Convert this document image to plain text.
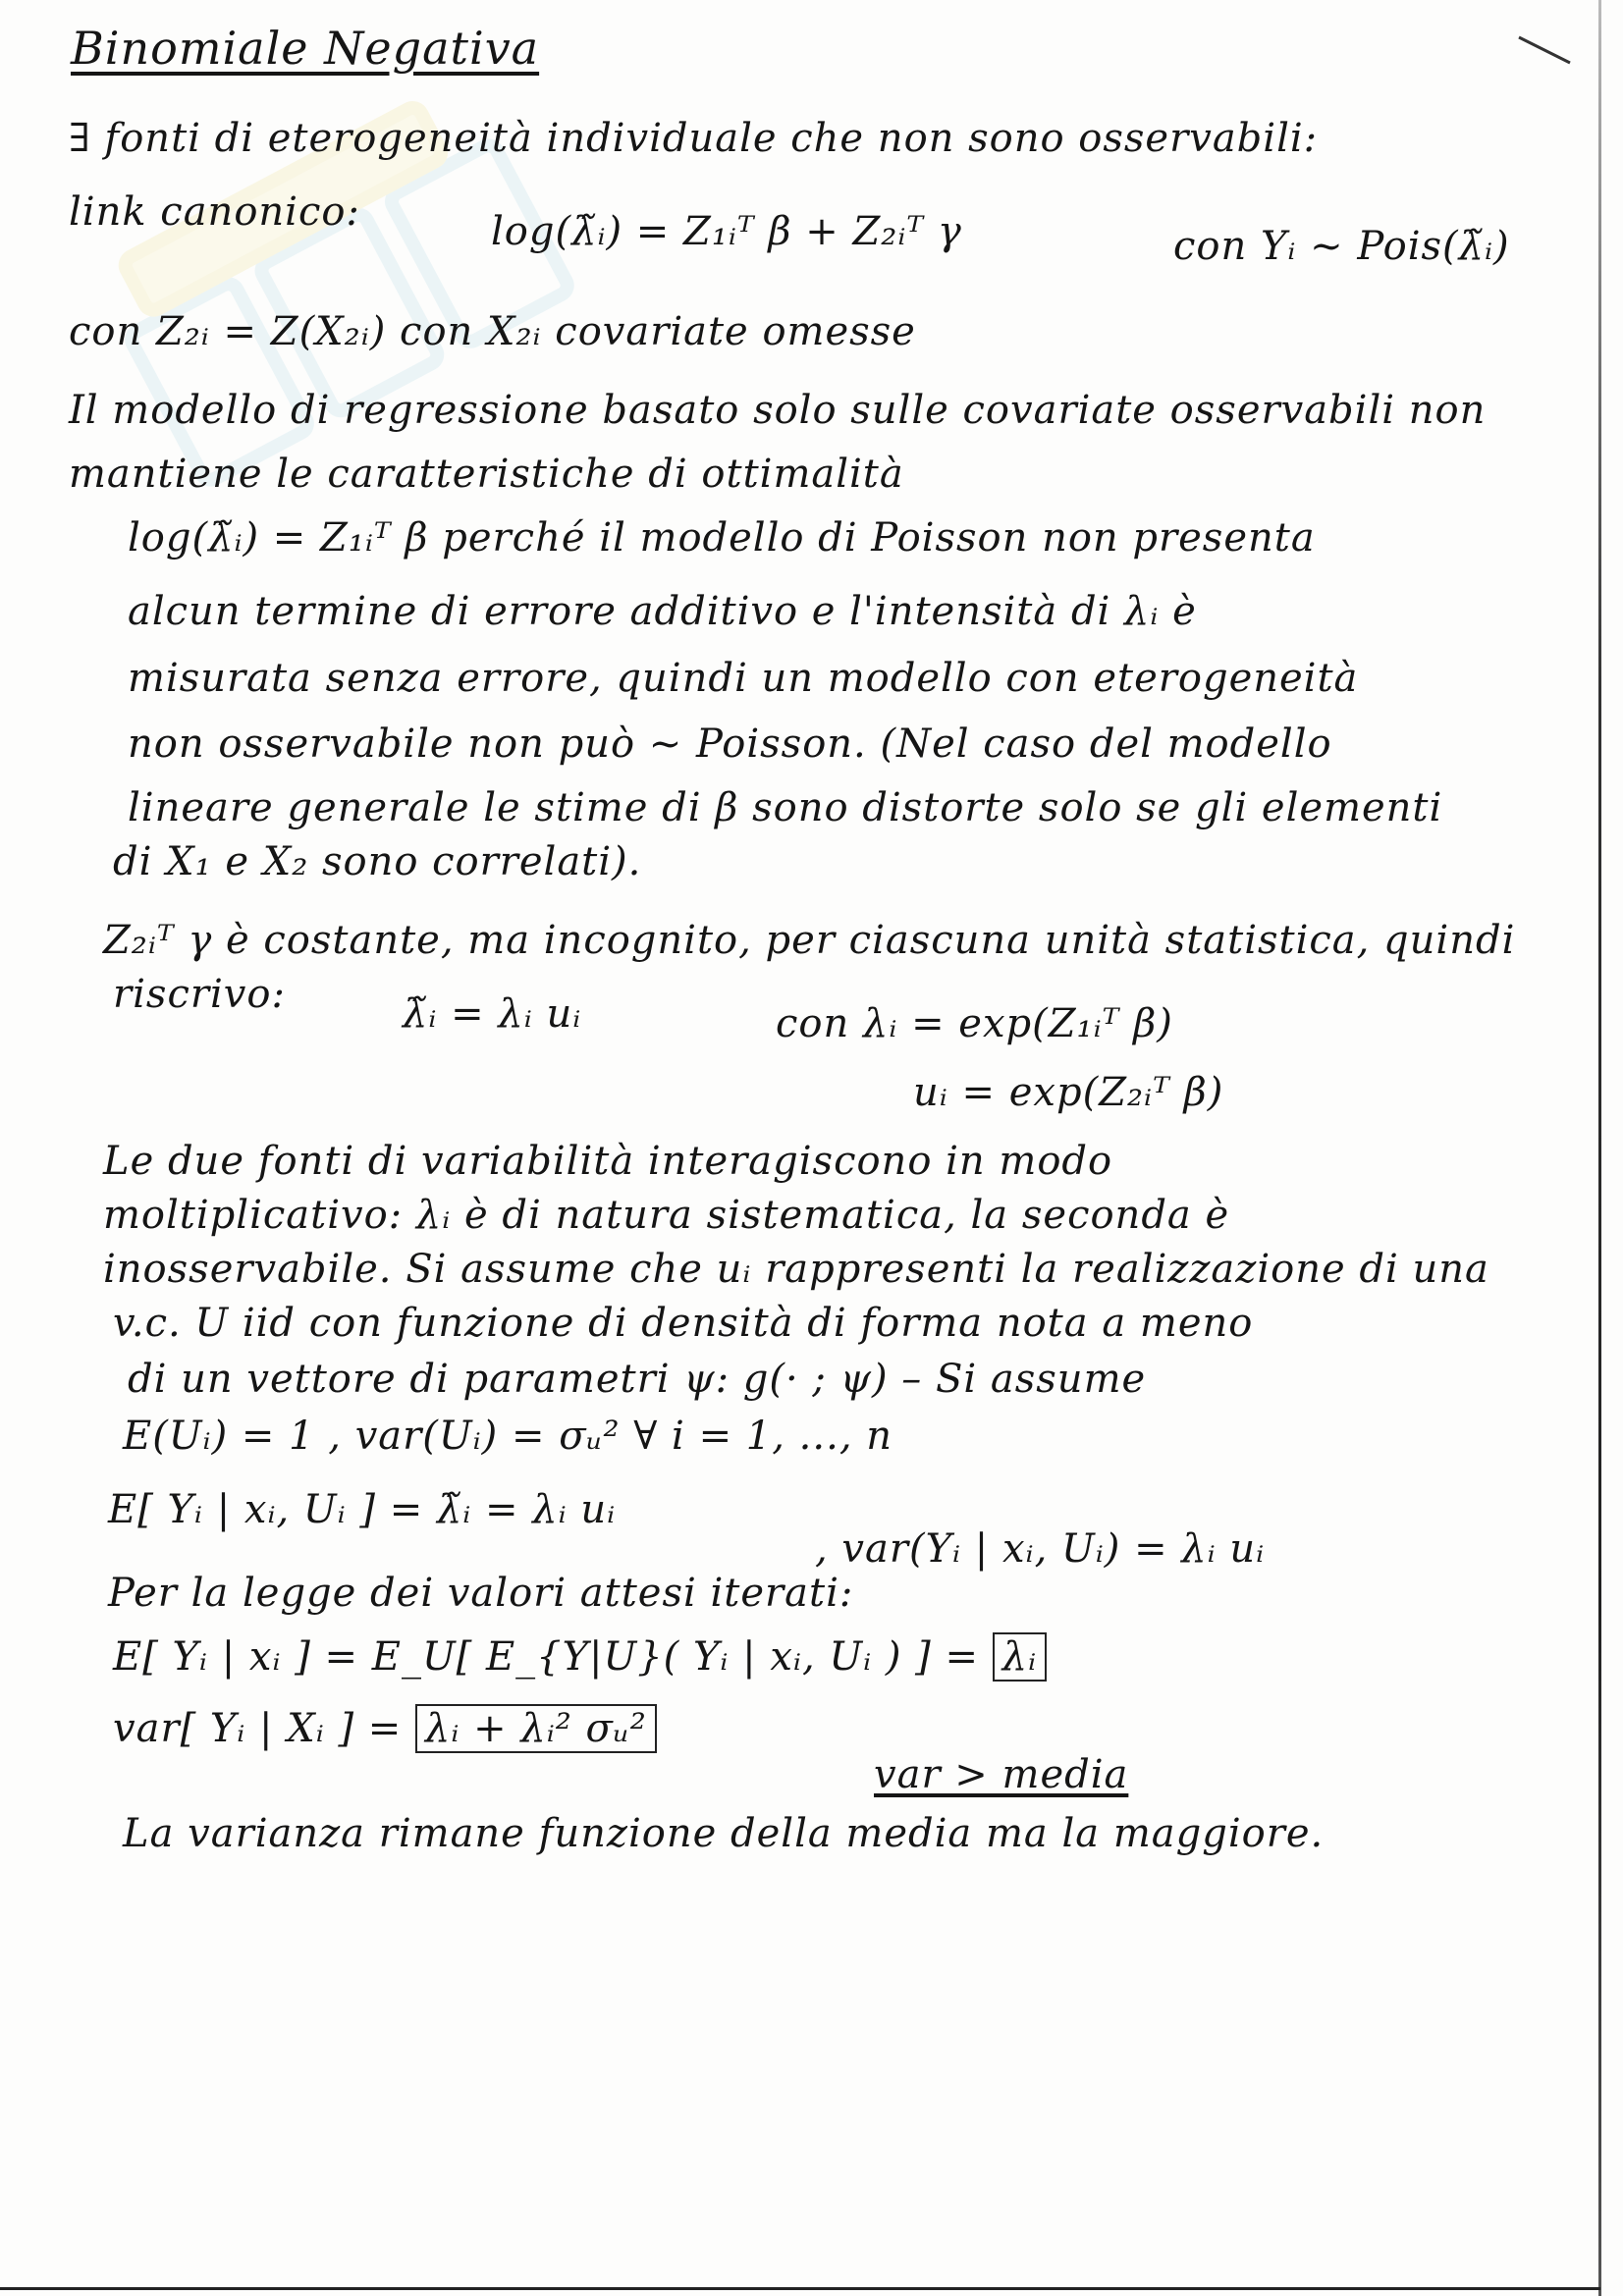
Binomiale Negativa

∃ fonti di eterogeneità individuale che non sono osservabili:

link canonico:	log(λ̃ᵢ) = Z₁ᵢᵀ β + Z₂ᵢᵀ γ	con Yᵢ ~ Pois(λ̃ᵢ)

con Z₂ᵢ = Z(X₂ᵢ) con X₂ᵢ covariate omesse

Il modello di regressione basato solo sulle covariate osservabili non

mantiene le caratteristiche di ottimalità

log(λ̃ᵢ) = Z₁ᵢᵀ β perché il modello di Poisson non presenta

alcun termine di errore additivo e l'intensità di λᵢ è

misurata senza errore, quindi un modello con eterogeneità

non osservabile non può ~ Poisson. (Nel caso del modello

lineare generale le stime di β sono distorte solo se gli elementi

di X₁ e X₂ sono correlati).

Z₂ᵢᵀ γ è costante, ma incognito, per ciascuna unità statistica, quindi

riscrivo:	λ̃ᵢ = λᵢ uᵢ	con λᵢ = exp(Z₁ᵢᵀ β)

uᵢ = exp(Z₂ᵢᵀ β)

Le due fonti di variabilità interagiscono in modo

moltiplicativo: λᵢ è di natura sistematica, la seconda è

inosservabile. Si assume che uᵢ rappresenti la realizzazione di una

v.c. U iid con funzione di densità di forma nota a meno

di un vettore di parametri ψ: g(· ; ψ) – Si assume

E(Uᵢ) = 1 , var(Uᵢ) = σᵤ² ∀ i = 1, ..., n

E[ Yᵢ | xᵢ, Uᵢ ] = λ̃ᵢ = λᵢ uᵢ

, var(Yᵢ | xᵢ, Uᵢ) = λᵢ uᵢ

Per la legge dei valori attesi iterati:

E[ Yᵢ | xᵢ ] = E_U[ E_{Y|U}( Yᵢ | xᵢ, Uᵢ ) ] = λᵢ

var[ Yᵢ | Xᵢ ] = λᵢ + λᵢ² σᵤ²

var > media

La varianza rimane funzione della media ma la maggiore.
